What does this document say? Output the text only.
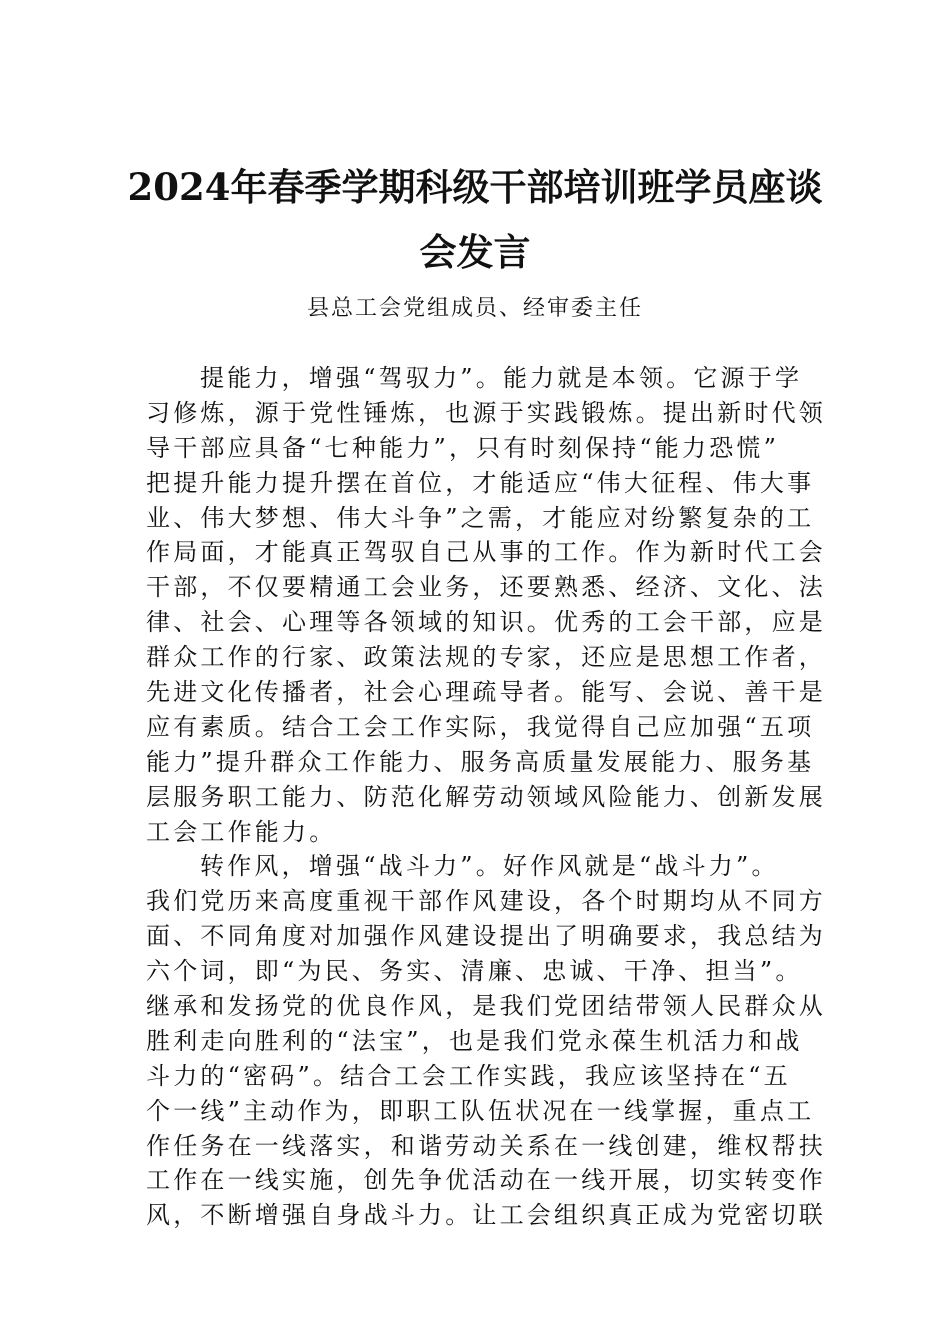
2024年春季学期科级干部培训班学员座谈
会发言
县总工会党组成员、经审委主任
提能力，增强“驾驭力”。能力就是本领。它源于学
习修炼，源于党性锤炼，也源于实践锻炼。提出新时代领
导干部应具备“七种能力”，只有时刻保持“能力恐慌”
把提升能力提升摆在首位，才能适应“伟大征程、伟大事
业、伟大梦想、伟大斗争”之需，才能应对纷繁复杂的工
作局面，才能真正驾驭自己从事的工作。作为新时代工会
干部，不仅要精通工会业务，还要熟悉、经济、文化、法
律、社会、心理等各领域的知识。优秀的工会干部，应是
群众工作的行家、政策法规的专家，还应是思想工作者，
先进文化传播者，社会心理疏导者。能写、会说、善干是
应有素质。结合工会工作实际，我觉得自己应加强“五项
能力”提升群众工作能力、服务高质量发展能力、服务基
层服务职工能力、防范化解劳动领域风险能力、创新发展
工会工作能力。
转作风，增强“战斗力”。好作风就是“战斗力”。
我们党历来高度重视干部作风建设，各个时期均从不同方
面、不同角度对加强作风建设提出了明确要求，我总结为
六个词，即“为民、务实、清廉、忠诚、干净、担当”。
继承和发扬党的优良作风，是我们党团结带领人民群众从
胜利走向胜利的“法宝”，也是我们党永葆生机活力和战
斗力的“密码”。结合工会工作实践，我应该坚持在“五
个一线”主动作为，即职工队伍状况在一线掌握，重点工
作任务在一线落实，和谐劳动关系在一线创建，维权帮扶
工作在一线实施，创先争优活动在一线开展，切实转变作
风，不断增强自身战斗力。让工会组织真正成为党密切联
